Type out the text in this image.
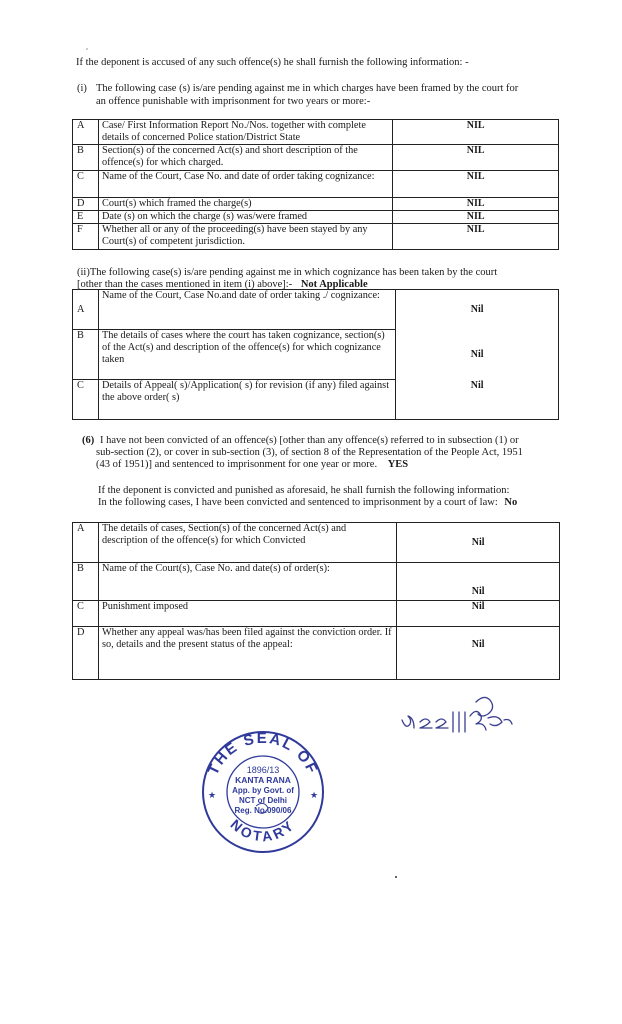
If the deponent is accused of any such offence(s) he shall furnish the following information: -
(i) The following case (s) is/are pending against me in which charges have been framed by the court for
an offence punishable with imprisonment for two years or more:-
A	Case/ First Information Report No./Nos. together with complete details of concerned Police station/District State	NIL
B	Section(s) of the concerned Act(s) and short description of the offence(s) for which charged.	NIL
C	Name of the Court, Case No. and date of order taking cognizance:	NIL
D	Court(s) which framed the charge(s)	NIL
E	Date (s) on which the charge (s) was/were framed	NIL
F	Whether all or any of the proceeding(s) have been stayed by any Court(s) of competent jurisdiction.	NIL
(ii)The following case(s) is/are pending against me in which cognizance has been taken by the court
[other than the cases mentioned in item (i) above]:- Not Applicable
A	Name of the Court, Case No.and date of order taking ./ cognizance:	Nil
B	The details of cases where the court has taken cognizance, section(s) of the Act(s) and description of the offence(s) for which cognizance taken	Nil
C	Details of Appeal( s)/Application( s) for revision (if any) filed against the above order( s)	Nil
(6) I have not been convicted of an offence(s) [other than any offence(s) referred to in subsection (1) or
sub-section (2), or cover in sub-section (3), of section 8 of the Representation of the People Act, 1951
(43 of 1951)] and sentenced to imprisonment for one year or more. YES
If the deponent is convicted and punished as aforesaid, he shall furnish the following information:
In the following cases, I have been convicted and sentenced to imprisonment by a court of law: No
A	The details of cases, Section(s) of the concerned Act(s) and description of the offence(s) for which Convicted	Nil
B	Name of the Court(s), Case No. and date(s) of order(s):	Nil
C	Punishment imposed	Nil
D	Whether any appeal was/has been filed against the conviction order. If so, details and the present status of the appeal:	Nil
THE SEAL OF
NOTARY
1896/13
KANTA RANA
App. by Govt. of
NCT of Delhi
Reg. No.090/06
★	★
